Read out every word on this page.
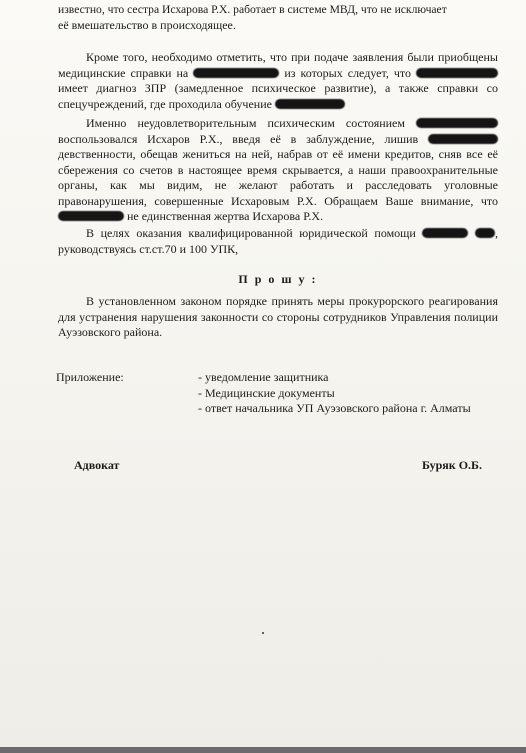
известно, что сестра Исхарова Р.Х. работает в системе МВД, что не исключает
её вмешательство в происходящее.

Кроме того, необходимо отметить, что при подаче заявления были приобщены медицинские справки на	из которых следует, что  имеет диагноз ЗПР (замедленное психическое развитие), а также справки со спецучреждений, где проходила обучение

Именно неудовлетворительным психическим состоянием  воспользовался Исхаров Р.Х., введя её в заблуждение, лишив  девственности, обещав жениться на ней, набрав от её имени кредитов, сняв все её сбережения со счетов в настоящее время скрывается, а наши правоохранительные органы, как мы видим, не желают работать и расследовать уголовные правонарушения, совершенные Исхаровым Р.Х. Обращаем Ваше внимание, что  не единственная жертва Исхарова Р.Х.

В целях оказания квалифицированной юридической помощи	, руководствуясь ст.ст.70 и 100 УПК,

П р о ш у :

В установленном законом порядке принять меры прокурорского реагирования для устранения нарушения законности со стороны сотрудников Управления полиции Ауэзовского района.

Приложение:	- уведомление защитника
- Медицинские документы
- ответ начальника УП Ауэзовского района г. Алматы
Адвокат	Буряк О.Б.
